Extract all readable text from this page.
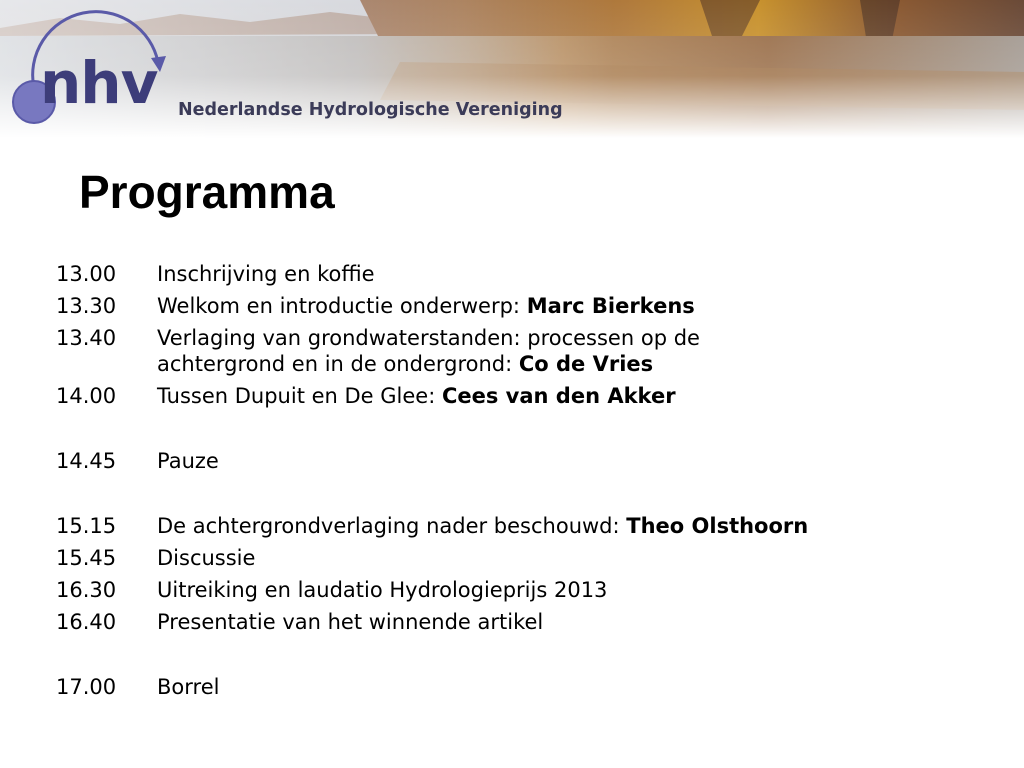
nhv Nederlandse Hydrologische Vereniging
Programma
13.00	Inschrijving en koffie
13.30	Welkom en introductie onderwerp: Marc Bierkens
13.40	Verlaging van grondwaterstanden: processen op de achtergrond en in de ondergrond: Co de Vries
14.00	Tussen Dupuit en De Glee: Cees van den Akker
14.45	Pauze
15.15	De achtergrondverlaging nader beschouwd: Theo Olsthoorn
15.45	Discussie
16.30	Uitreiking en laudatio Hydrologieprijs 2013
16.40	Presentatie van het winnende artikel
17.00	Borrel
